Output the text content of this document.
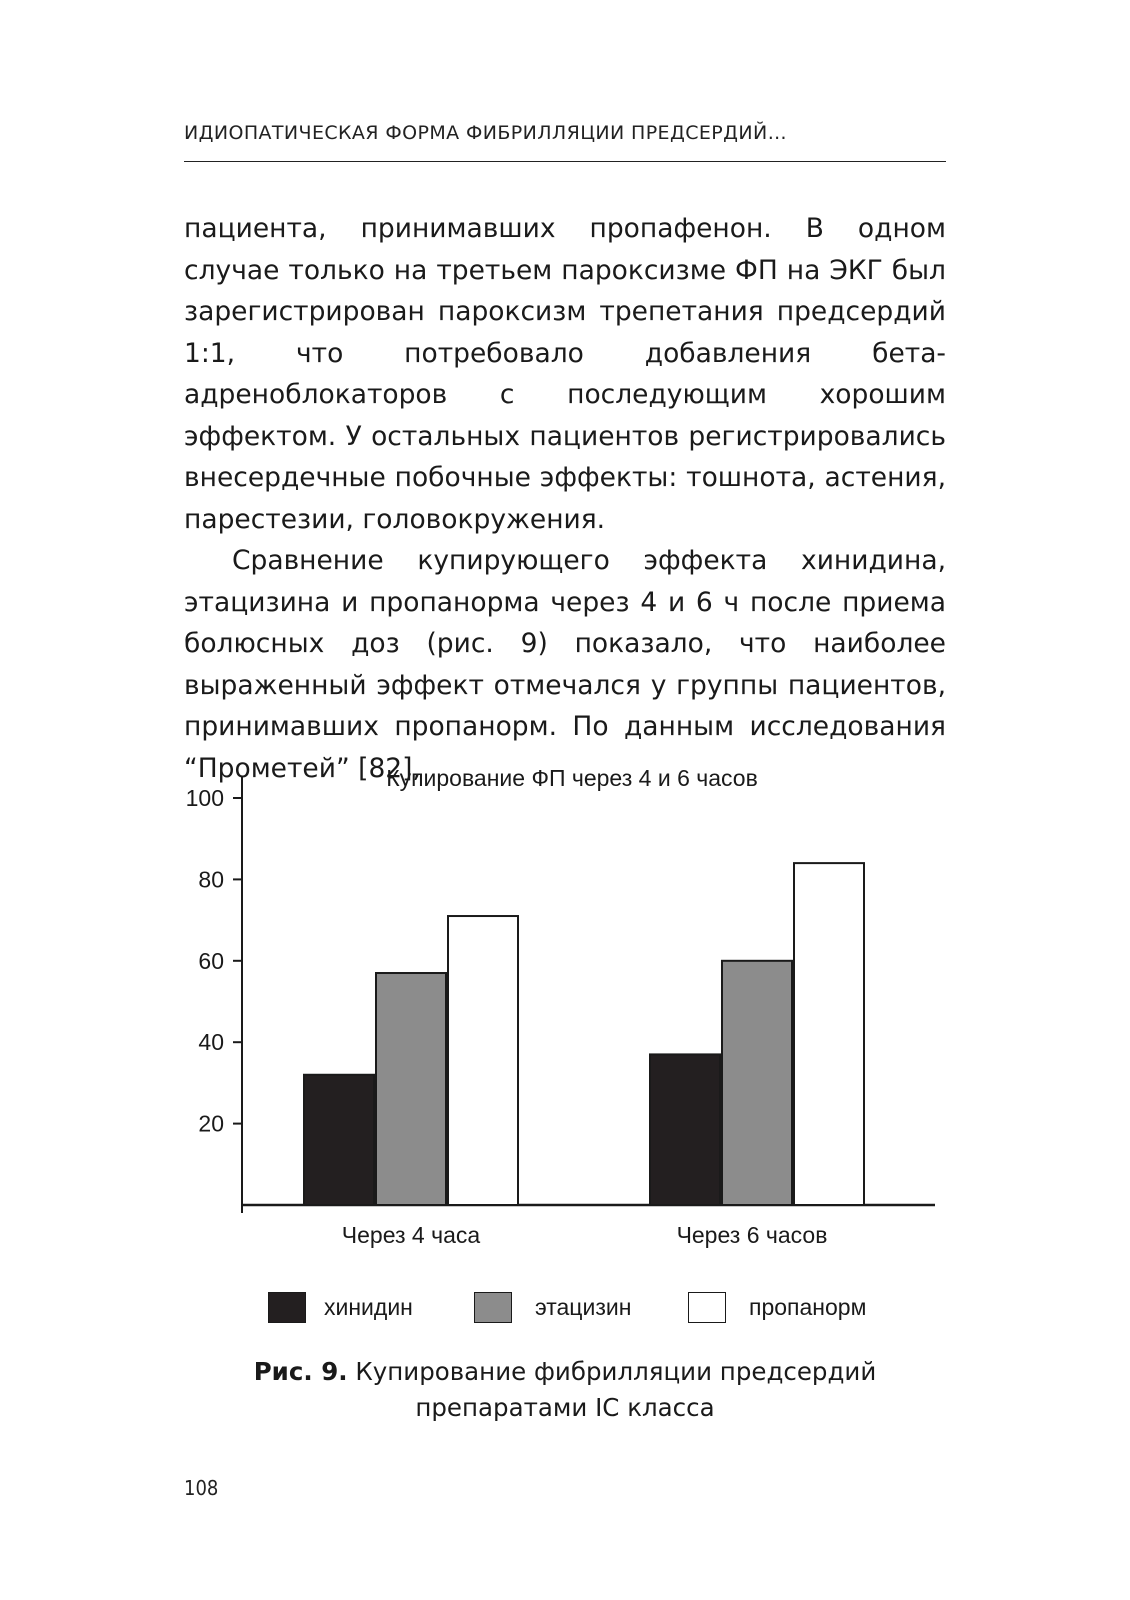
ИДИОПАТИЧЕСКАЯ ФОРМА ФИБРИЛЛЯЦИИ ПРЕДСЕРДИЙ…

пациента, принимавших пропафенон. В одном случае только на третьем пароксизме ФП на ЭКГ был зарегистрирован пароксизм трепетания предсердий 1:1, что потребовало добавления бета-адреноблокаторов с последующим хорошим эффектом. У остальных пациентов регистрировались внесердечные побочные эффекты: тошнота, астения, парестезии, головокружения.

Сравнение купирующего эффекта хинидина, этацизина и пропанорма через 4 и 6 ч после приема болюсных доз (рис. 9) показало, что наиболее выраженный эффект отмечался у группы пациентов, принимавших пропанорм. По данным исследования “Прометей” [82],

Купирование ФП через 4 и 6 часов
20
40
60
80
100
Через 4 часа	Через 6 часов
хинидин	этацизин	пропанорм
Рис. 9. Купирование фибрилляции предсердий препаратами IC класса
108
